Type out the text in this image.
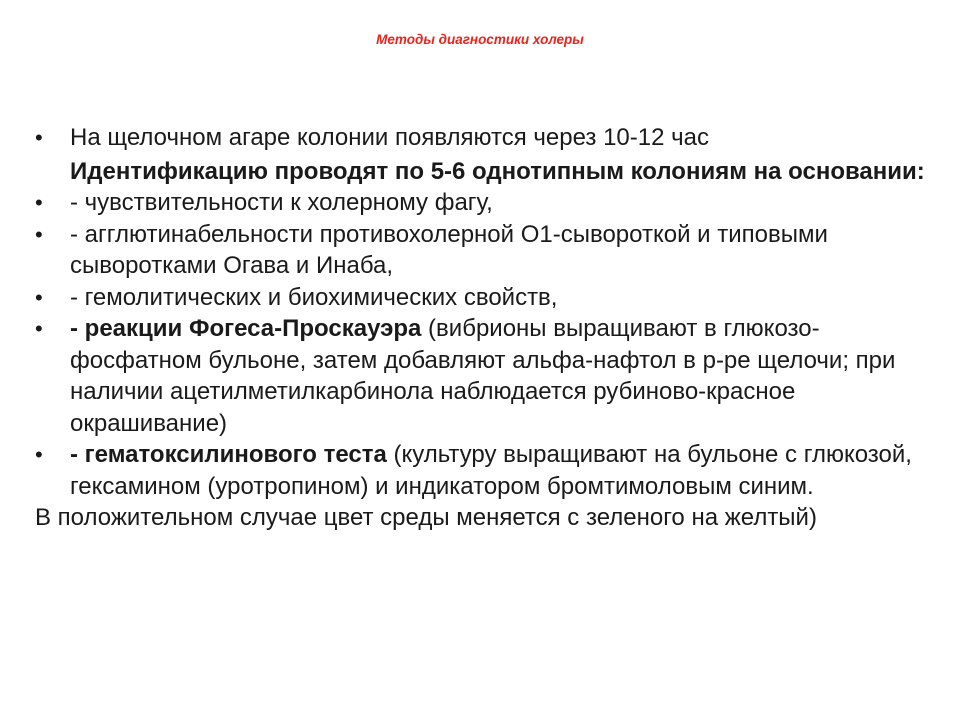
Методы диагностики холеры
•	На щелочном агаре колонии появляются через 10-12 час
Идентификацию проводят по 5-6 однотипным колониям на основании:
•	- чувствительности к холерному фагу,
•	- агглютинабельности противохолерной О1-сывороткой и типовыми сыворотками Огава и Инаба,
•	- гемолитических и биохимических свойств,
•	- реакции Фогеса-Проскауэра (вибрионы выращивают в глюкозо-фосфатном бульоне, затем добавляют альфа-нафтол в р-ре щелочи; при наличии ацетилметилкарбинола наблюдается рубиново-красное окрашивание)
•	- гематоксилинового теста (культуру выращивают на бульоне с глюкозой, гексамином (уротропином) и индикатором бромтимоловым синим.
В положительном случае цвет среды меняется с зеленого на желтый)
